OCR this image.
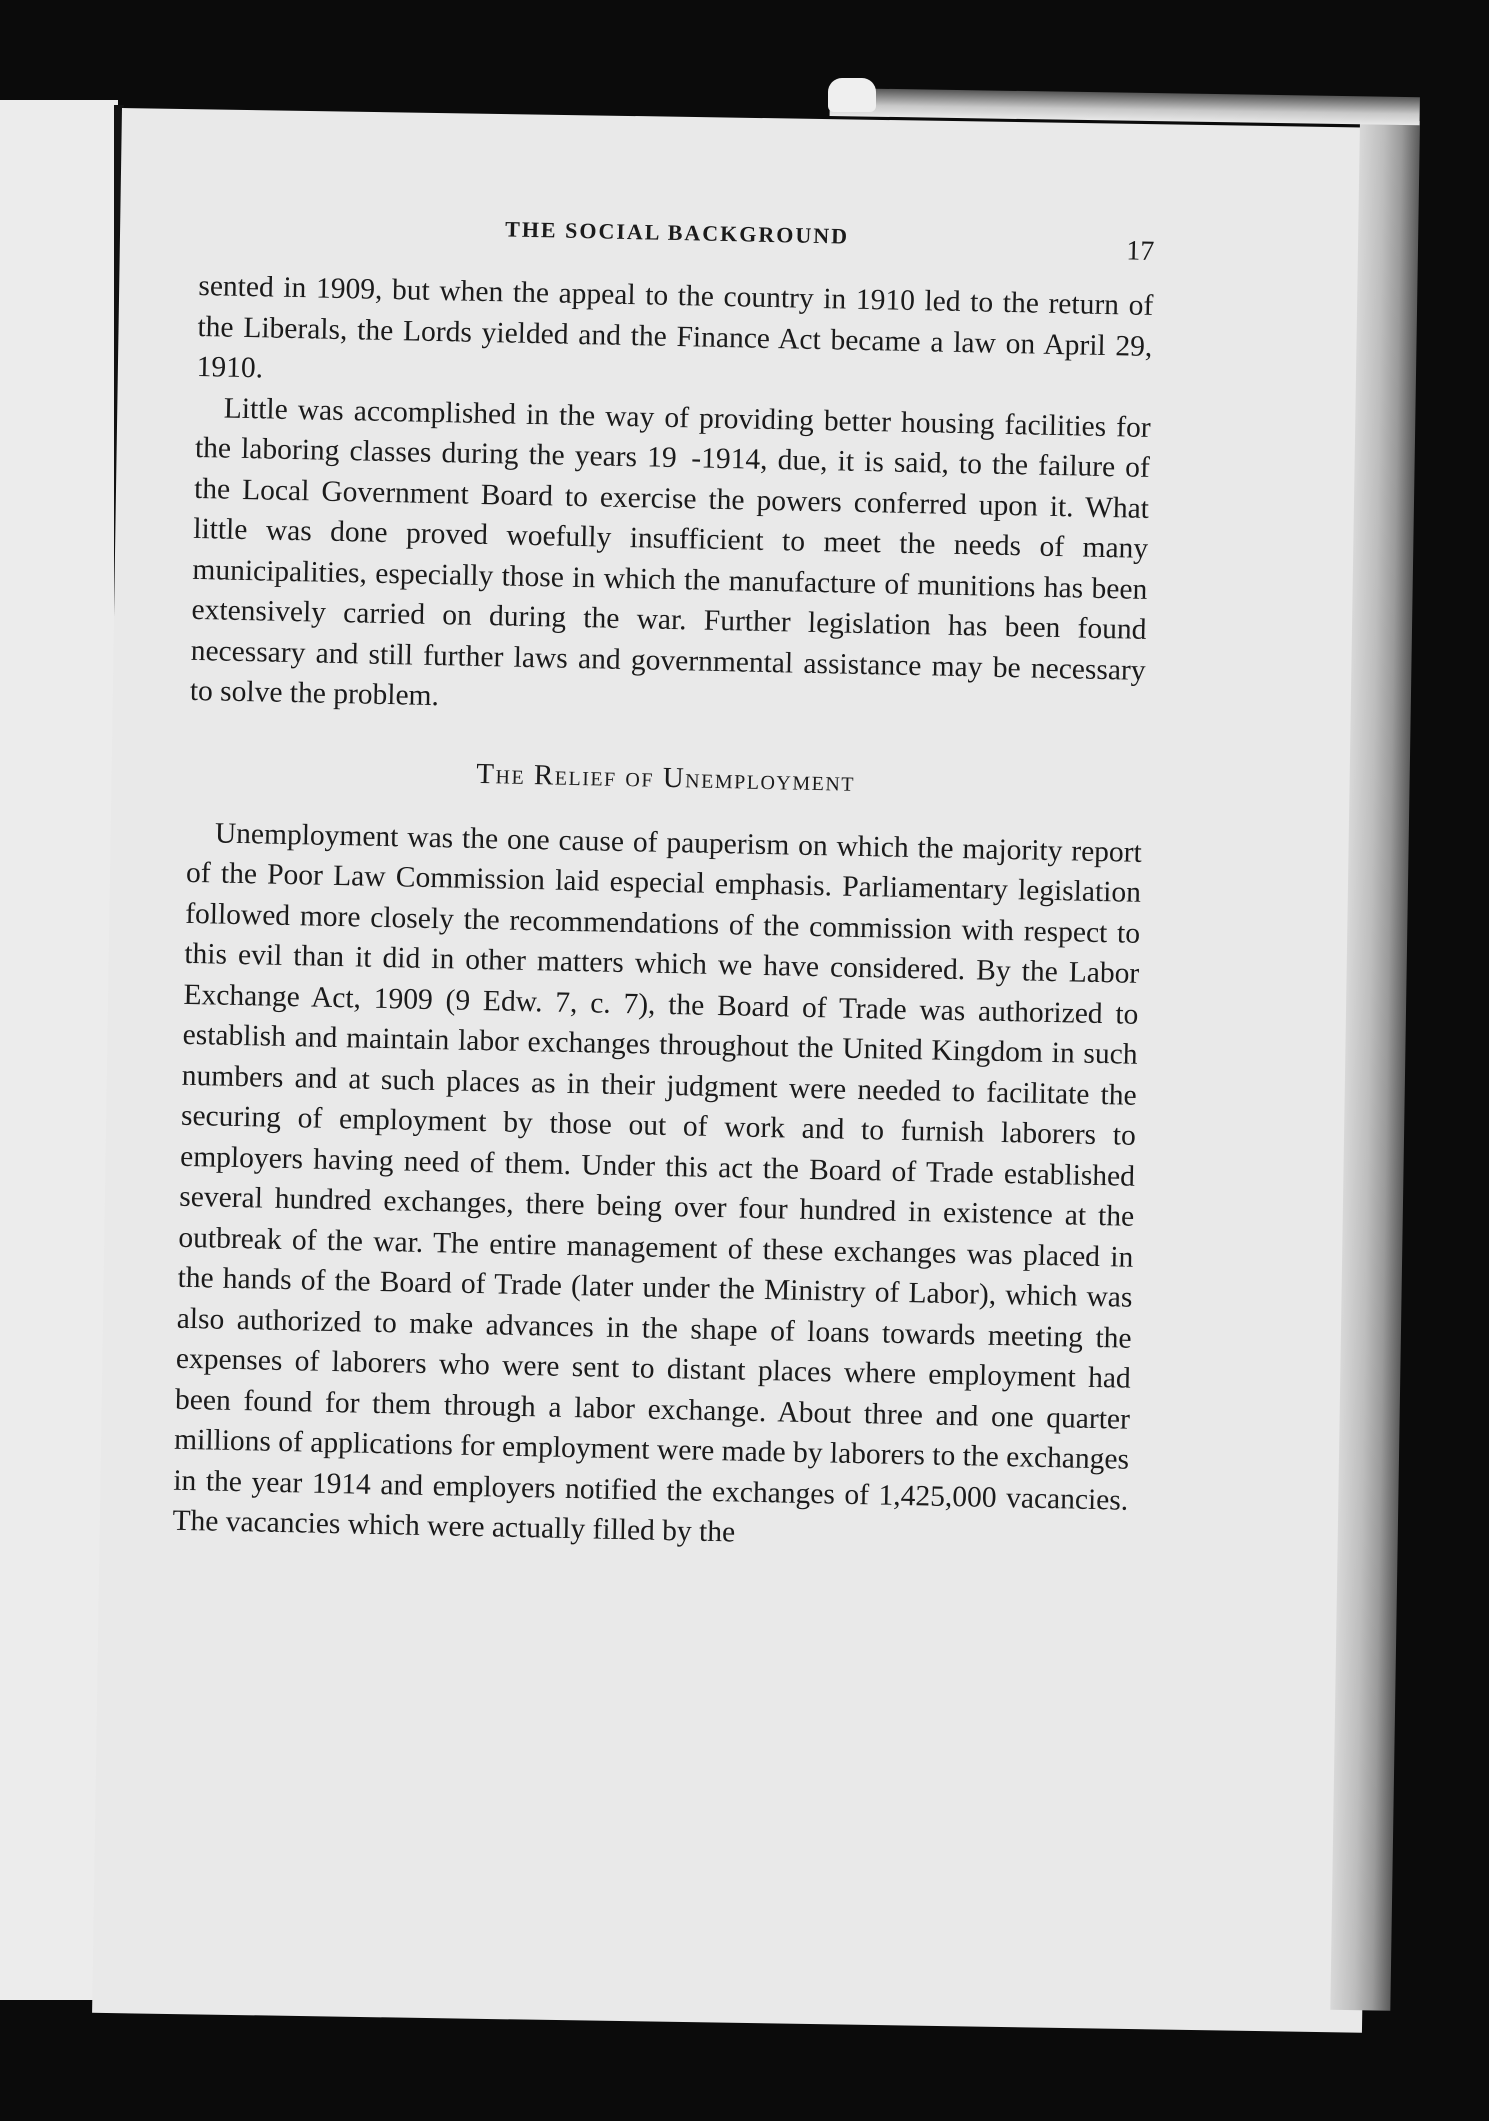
THE SOCIAL BACKGROUND
17

sented in 1909, but when the appeal to the country in 1910 led to the return of the Liberals, the Lords yielded and the Finance Act became a law on April 29, 1910.

Little was accomplished in the way of providing better housing facilities for the laboring classes during the years 19 -1914, due, it is said, to the failure of the Local Government Board to exercise the powers conferred upon it. What little was done proved woefully insufficient to meet the needs of many municipalities, especially those in which the manufacture of munitions has been extensively carried on during the war. Further legislation has been found necessary and still further laws and governmental assistance may be necessary to solve the problem.

The Relief of Unemployment

Unemployment was the one cause of pauperism on which the majority report of the Poor Law Commission laid especial emphasis. Parliamentary legislation followed more closely the recommendations of the commission with respect to this evil than it did in other matters which we have considered. By the Labor Exchange Act, 1909 (9 Edw. 7, c. 7), the Board of Trade was authorized to establish and maintain labor exchanges throughout the United Kingdom in such numbers and at such places as in their judgment were needed to facilitate the securing of employment by those out of work and to furnish laborers to employers having need of them. Under this act the Board of Trade established several hundred exchanges, there being over four hundred in existence at the outbreak of the war. The entire management of these exchanges was placed in the hands of the Board of Trade (later under the Ministry of Labor), which was also authorized to make advances in the shape of loans towards meeting the expenses of laborers who were sent to distant places where employment had been found for them through a labor exchange. About three and one quarter millions of applications for employment were made by laborers to the exchanges in the year 1914 and employers notified the exchanges of 1,425,000 vacancies. The vacancies which were actually filled by the
